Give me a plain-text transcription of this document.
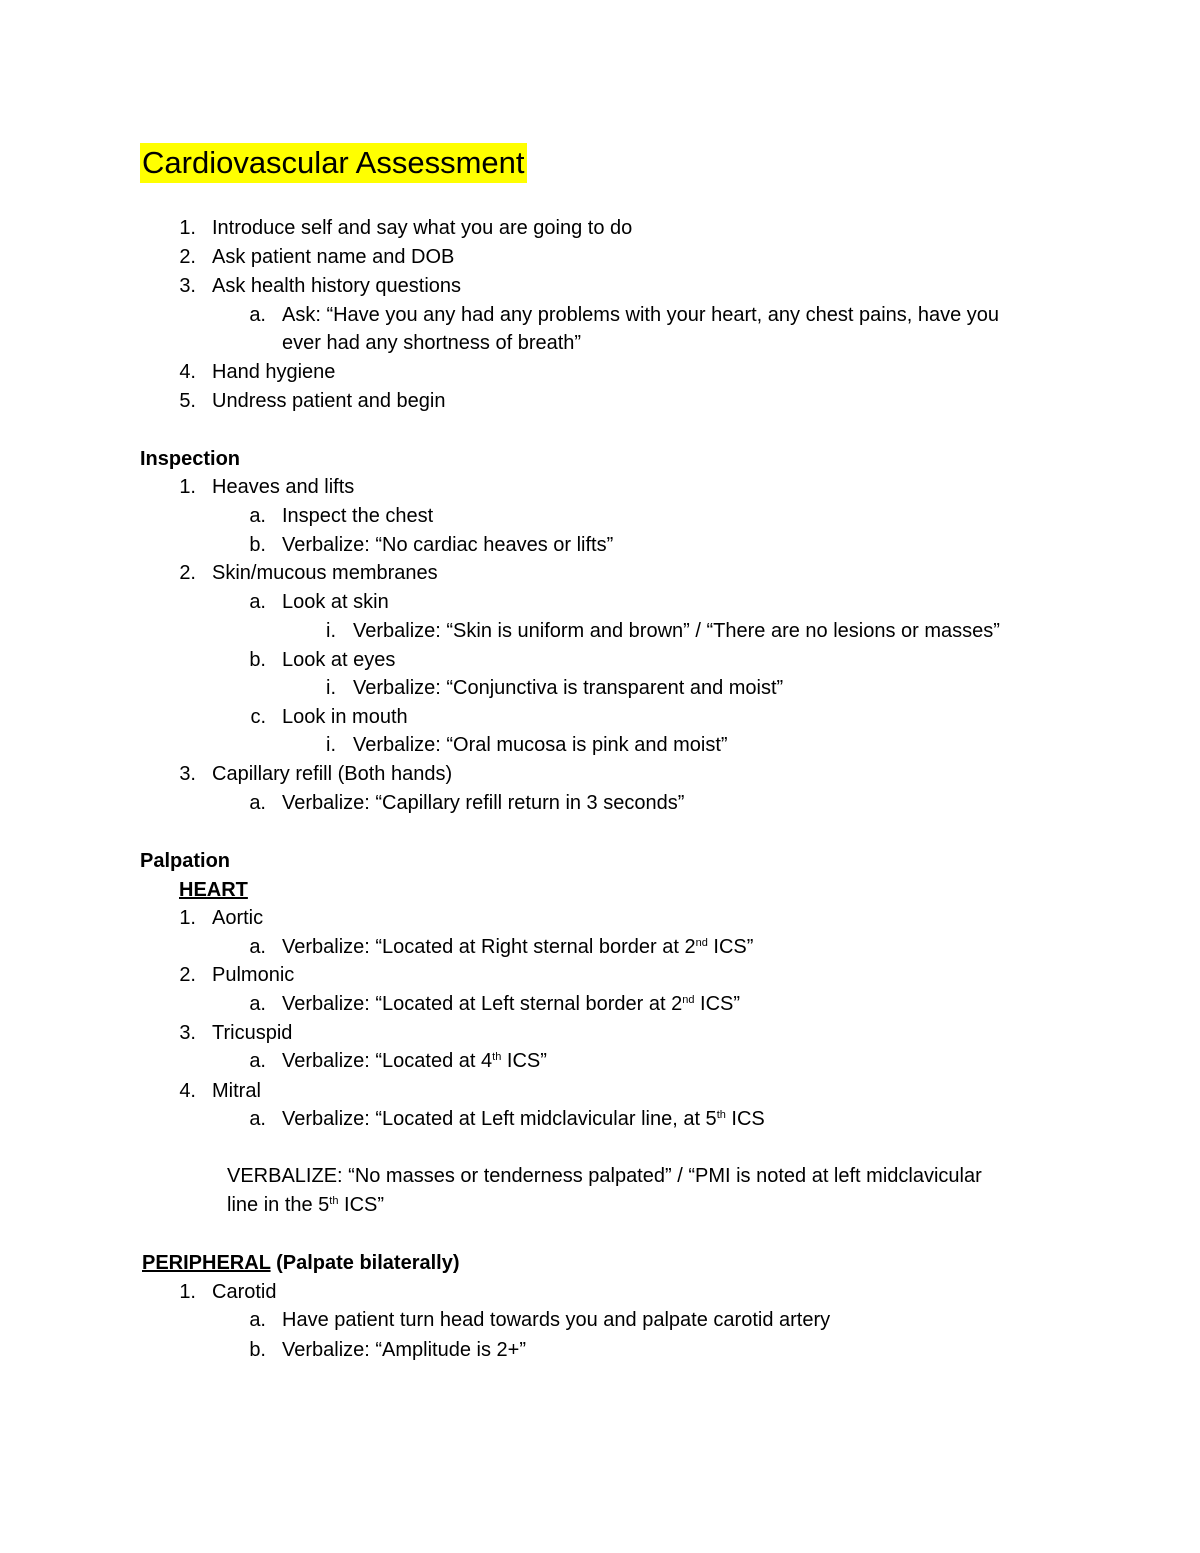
Cardiovascular Assessment
1. Introduce self and say what you are going to do
2. Ask patient name and DOB
3. Ask health history questions
a. Ask: “Have you any had any problems with your heart, any chest pains, have you
ever had any shortness of breath”
4. Hand hygiene
5. Undress patient and begin
Inspection
1. Heaves and lifts
a. Inspect the chest
b. Verbalize: “No cardiac heaves or lifts”
2. Skin/mucous membranes
a. Look at skin
i. Verbalize: “Skin is uniform and brown” / “There are no lesions or masses”
b. Look at eyes
i. Verbalize: “Conjunctiva is transparent and moist”
c. Look in mouth
i. Verbalize: “Oral mucosa is pink and moist”
3. Capillary refill (Both hands)
a. Verbalize: “Capillary refill return in 3 seconds”
Palpation
HEART
1. Aortic
a. Verbalize: “Located at Right sternal border at 2nd ICS”
2. Pulmonic
a. Verbalize: “Located at Left sternal border at 2nd ICS”
3. Tricuspid
a. Verbalize: “Located at 4th ICS”
4. Mitral
a. Verbalize: “Located at Left midclavicular line, at 5th ICS
VERBALIZE: “No masses or tenderness palpated” / “PMI is noted at left midclavicular
line in the 5th ICS”
PERIPHERAL (Palpate bilaterally)
1. Carotid
a. Have patient turn head towards you and palpate carotid artery
b. Verbalize: “Amplitude is 2+”
